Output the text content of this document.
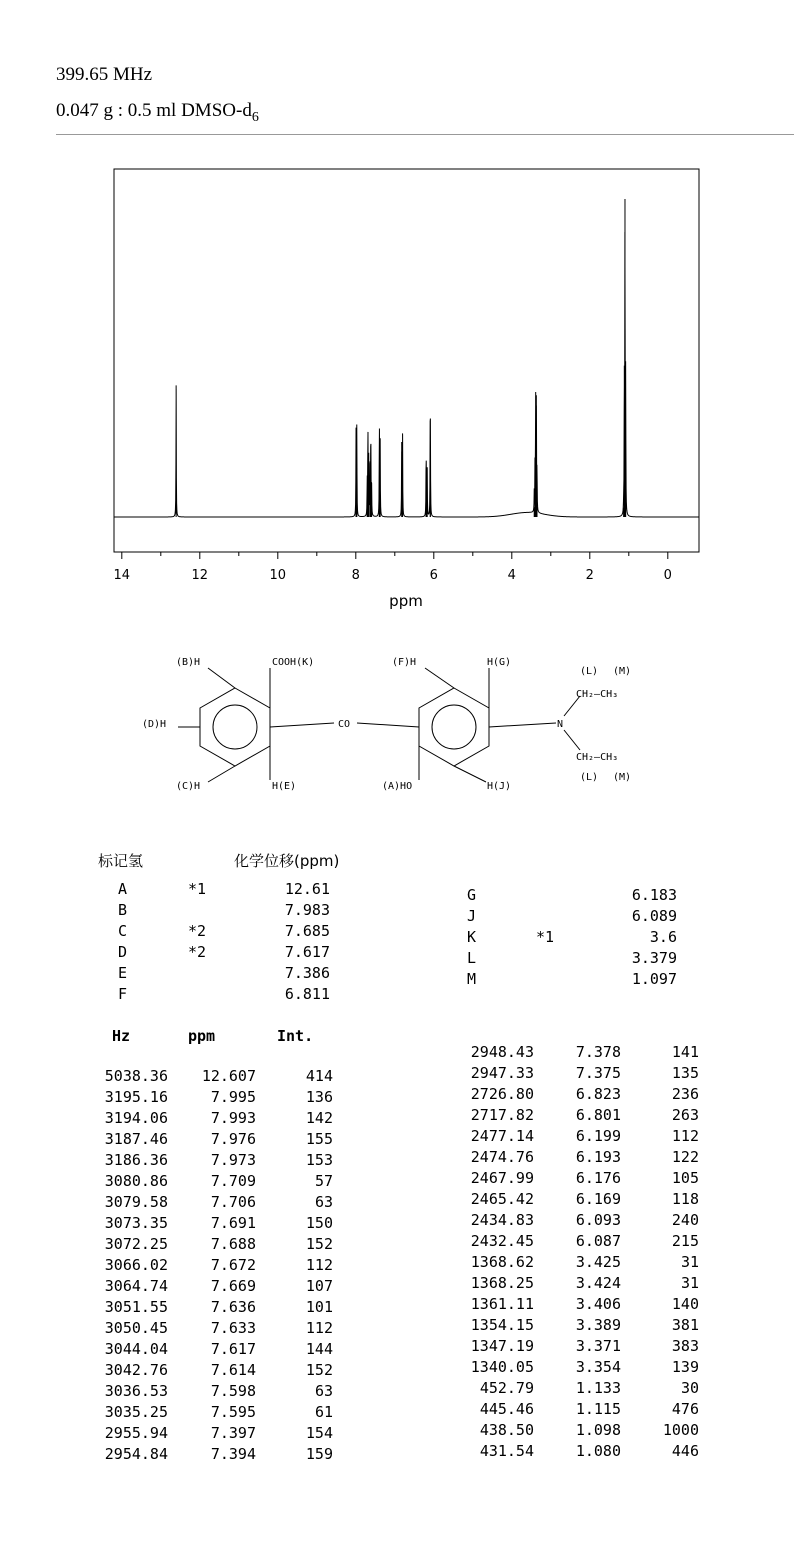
399.65 MHz
0.047 g : 0.5 ml DMSO-$d_6$
14	12	10	8	6	4	2	0
ppm
(B)H	COOH(K)	(F)H	H(G)
(L) (M)
CH₂—CH₃
(D)H	CO	N
CH₂—CH₃
(L) (M)
(C)H	H(E)	(A)HO	H(J)
标记氢	化学位移(ppm)
A	*1	12.61
B	7.983
C	*2	7.685
D	*2	7.617
E	7.386
F	6.811
G	6.183
J	6.089
K	*1	3.6
L	3.379
M	1.097
Hz	ppm	Int.
5038.36 12.607	414
3195.16	7.995	136
3194.06	7.993	142
3187.46	7.976	155
3186.36	7.973	153
3080.86	7.709	57
3079.58	7.706	63
3073.35	7.691	150
3072.25	7.688	152
3066.02	7.672	112
3064.74	7.669	107
3051.55	7.636	101
3050.45	7.633	112
3044.04	7.617	144
3042.76	7.614	152
3036.53	7.598	63
3035.25	7.595	61
2955.94	7.397	154
2954.84	7.394	159
2948.43	7.378	141
2947.33	7.375	135
2726.80	6.823	236
2717.82	6.801	263
2477.14	6.199	112
2474.76	6.193	122
2467.99	6.176	105
2465.42	6.169	118
2434.83	6.093	240
2432.45	6.087	215
1368.62	3.425	31
1368.25	3.424	31
1361.11	3.406	140
1354.15	3.389	381
1347.19	3.371	383
1340.05	3.354	139
452.79	1.133	30
445.46	1.115	476
438.50	1.098	1000
431.54	1.080	446
